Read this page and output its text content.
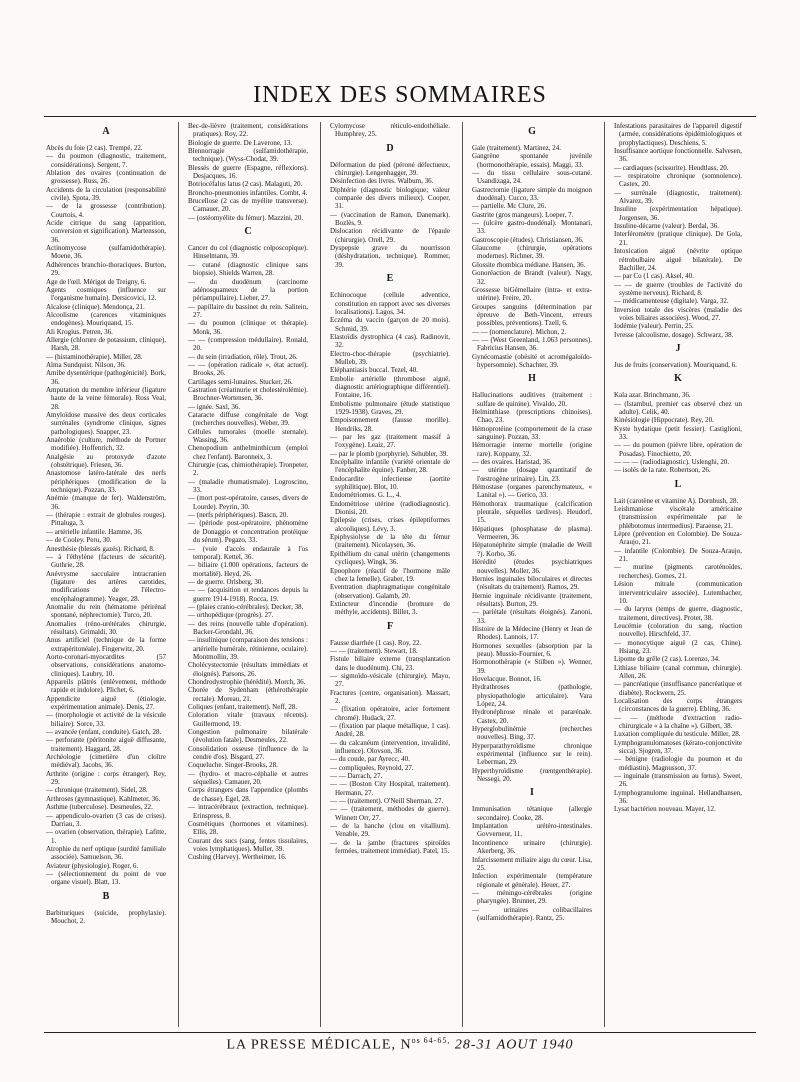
INDEX DES SOMMAIRES
A

Abcès du foie (2 cas). Trempé, 22.

— du poumon (diagnostic, traitement, considérations). Sergent, 7.

Ablation des ovaires (continuation de grossesse). Russ, 26.

Accidents de la circulation (responsabilité civile). Spota, 39.

— de la grossesse (contribution). Courtois, 4.

Acide citrique du sang (apparition, conversion et signification). Martensson, 36.

Actinomycose (sulfamidothérapie). Moene, 36.

Adhérences branchio-thoraciques. Burton, 29.

Age de l'œil. Mérigot de Treigny, 6.

Agents cosmiques (influence sur l'organisme humain). Dersicovici, 12.

Alcalose (clinique). Mendonça, 21.

Alcoolisme (carences vitaminiques endogènes). Mouriquand, 15.

Ali Krogius. Petren, 36.

Allergie (chlorure de potassium, clinique), Harsh, 28.

— (histaminothérapie). Miller, 28.

Alma Sundquist. Nilson, 36.

Amibe dysentérique (pathogénicité). Bork, 36.

Amputation du membre inférieur (ligature haute de la veine fémorale). Ross Veal, 28.

Amyloïdose massive des deux corticales surrénales (syndrome clinique, signes pathologiques). Snapper, 23.

Anaérobie (culture, méthode de Portner modifiée). Hoffenrich, 32.

Analgésie au protoxyde d'azote (obstétrique). Friesen, 36.

Anastomose latéro-latérale des nerfs périphériques (modification de la technique). Pozzan, 33.

Anémie (manque de fer). Waldenström, 36.

— (thérapie : extrait de globules rouges). Pittaluga, 3.

— artérielle infantile. Hamme, 36.

— de Cooley. Peru, 30.

Anesthésie (blessés gazés). Richard, 8.

— à l'éthylène (facteurs de sécurité). Guthrie, 28.

Anévrysme sacculaire intracranien (ligature des artères carotides, modifications de l'électro-encéphalogramme). Yeager, 28.

Anomalie du rein (hématome périrénal spontané, néphrectomie). Turco, 20.

Anomalies (réno-urétérales chirurgie, résultats). Grimaldi, 30.

Anus artificiel (technique de la forme extrapéritonéale). Fingerwitz, 20.

Aorto-coronari-myocardites (57 observations, considérations anatomo-cliniques). Laubry, 10.

Appareils plâtrés (enlèvement, méthode rapide et indolore). Plichet, 6.

Appendicite aiguë (étiologie, expérimentation animale). Denis, 27.

— (morphologie et activité de la vésicule biliaire). Sorce, 33.

— avancée (enfant, conduite). Gatch, 28.

— perforante (péritonite aiguë diffusante, traitement). Haggard, 28.

Archéologie (cimetière d'un cloître médiéval). Jacobs, 36.

Arthrite (origine : corps étranger). Rey, 29.

— chronique (traitement). Sidel, 28.

Arthroses (gymnastique). Kahlmeter, 36.

Asthme (tuberculose). Desmeules, 22.

— appendiculo-ovarien (3 cas de crises). Darriau, 3.

— ovarien (observation, thérapie). Lafitte, 1.

Atrophie du nerf optique (surdité familiale associée). Samuelson, 36.

Aviateur (physiologie). Roger, 6.

— (sélectionnement du point de vue organe visuel). Blatt, 13.

B

Barbituriques (suicide, prophylaxie). Mouchot, 2.

Bec-de-lièvre (traitement, considérations pratiques). Roy, 22.

Biologie de guerre. De Laverone, 13.

Blennorragie (sulfamidothérapie, technique). (Wyss-Chodat, 39.

Blessés de guerre (Espagne, réflexions). Desjacques, 16.

Botriocéfalus latus (2 cas). Malaguti, 20.

Broncho-pneumonies infantiles. Combt, 4.

Brucellose (2 cas de myélite transverse). Camauer, 20.

— (ostéomyélite du fémur). Mazzini, 20.

C

Cancer du col (diagnostic colposcopique). Hinselmann, 39.

— cutané (diagnostic clinique sans biopsie). Shields Warren, 28.

— du duodénum (carcinome adénosquameux de la portion périampullaire). Lieber, 27.

— papillaire du bassinet du rein. Salitein, 27.

— du poumon (clinique et thérapie). Monk, 36.

— — (compression médullaire). Ronald, 20.

— du sein (irradiation, rôle). Trout, 26.

— — (opération radicale », état actuel). Brooks, 26.

Cartilages semi-lunaires. Stucker, 26.

Castration (créatinurie et cholestérolémie). Brochner-Wortensen, 36.

— ignée. Saxl, 36.

Cataracte diffuse congénitale de Vogt (recherches nouvelles). Weber, 39.

Cellules tumorales (moelle sternale). Wassing, 36.

Chenopodium anthelminthicum (emploi chez l'enfant). Baronneix, 3.

Chirurgie (cas, chimiothérapie). Tronpeter, 2.

— (maladie rhumatismale). Logroscino, 33.

— (mort post-opératoire, causes, divers de Lourde). Peyrin, 30.

— (nerfs périphériques). Bascn, 20.

— (période post-opératoire, phénomène de Donaggio et concentration protéique du sérum). Pegazo, 33.

— (voie d'accès endaurale à l'os temporal). Kettel, 36.

— biliaire (1.000 opérations, facteurs de mortalité). Heyd, 26.

— de guerre. Orlsberg, 30.

— — (acquisition et tendances depuis la guerre 1914-1918). Rocca, 19.

— (plaies cranio-cérébrales). Decker, 38.

— orthopédique (progrès). 27.

— des reins (nouvelle table d'opération). Backer-Grondahl, 36.

— insulinique (comparaison des tensions : artérielle humérale, rétinienne, oculaire). Montmollin, 39.

Cholécystectomie (résultats immédiats et éloignés). Parsons, 26.

Chondrodystrophie (hérédité). Morch, 36.

Chorée de Sydenham (éthérothérapie rectale). Moreau, 21.

Coliques (enfant, traitement). Neff, 28.

Coloration vitale (travaux récents). Guillermond, 19.

Congestion pulmonaire bilatérale (évolution fatale). Desmeules, 22.

Consolidation osseuse (influence de la cendre d'os). Bisgard, 27.

Coqueluche. Singer-Brooks, 28.

— (hydro- et macro-céphalie et autres séquelles). Camauer, 20.

Corps étrangers dans l'appendice (plombs de chasse). Egel, 28.

— intracérébraux (extraction, technique). Erinspress, 8.

Cosmétiques (hormones et vitamines). Ellis, 28.

Courant des sucs (sang, fentes tissulaires, voies lymphatiques). Muller, 39.

Cushing (Harvey). Wertheimer, 16.

Cylomycose réticulo-endothéliale. Humphrey, 25.

D

Déformation du pied (péroné défectueux, chirurgie). Lengenhagger, 39.

Désinfection des livres. Walbum, 36.

Diphtérie (diagnostic biologique; valeur comparée des divers milieux). Cooper, 31.

— (vaccination de Ramon, Danemark). Bozlès, 9.

Dislocation récidivante de l'épaule (chirurgie). Orell, 29.

Dyspepsie grave du nourrisson (déshydratation, technique). Rommer, 39.

E

Echinocoque (cellule adventice, constitution en rapport avec ses diverses localisations). Lagos, 34.

Eczéma du vaccin (garçon de 20 mois). Schmid, 39.

Elastoïdis dystrophica (4 cas). Radinovit, 32.

Electro-choc-thérapie (psychiatrie). Mulleb, 39.

Eléphantiasis buccal. Tezel, 40.

Embolie artérielle (thrombose aiguë, diagnostic artériographique différentiel). Fontaine, 16.

Embolisme pulmonaire (étude statistique 1929-1938). Graves, 29.

Empoisonnement (fausse morille). Hendriks, 28.

— par les gaz (traitement massif à l'oxygène). Leaiz, 27.

— par le plomb (porphyrie). Sehubler, 39.

Encéphalite infantile (variété orientale de l'encéphalite équine). Fanber, 28.

Endocardite infectieuse (aortite syphilitique). Blot, 10.

Endométriomes. G. L., 4.

Endométriose utérine (radiodiagnostic). Dionisi, 20.

Epilepsie (crises, crises épileptiformes alcooliques). Lévy, 3.

Epiphysiolyse de la tête du fémur (traitement). Nicolaysen, 36.

Epithélium du canal utérin (changements cycliques). Wingk, 36.

Epoophore (réactif de l'hormone mâle chez la femelle). Graber, 19.

Eventration diaphragmatique congénitale (observation). Galamb, 20.

Extincteur d'incendie (bromure de méthyle, accidents). Billet, 3.

F

Fausse diarrhée (1 cas). Roy, 22.

— — (traitement). Stewart, 18.

Fistule biliaire externe (transplantation dans le duodénum). Chi, 23.

— sigmoïdo-vésicale (chirurgie). Mayo, 27.

Fractures (centre, organisation). Massart, 2.

— (fixation opératoire, acier fortement chromé). Hudack, 27.

— (fixation par plaque métallique, 1 cas). André, 28.

— du calcanéum (intervention, invalidité, influence). Olovson, 36.

— du coude, par Ayrecc, 40.

— compliquées, Reynold, 27.

— — Darrach, 27.

— — (Boston City Hospital, traitement). Hermann, 27.

— — (traitement). O'Neill Sherman, 27.

— — (traitement, méthodes de guerre). Winnett Orr, 27.

— de la hanche (clou en vitallium). Venable, 29.

— de la jambe (fractures spiroïdes fermées, traitement immédiat). Patel, 15.

G

Gale (traitement). Martinez, 24.

Gangrène spontanée juvénile (hormonothérapie, essais). Maggi, 33.

— du tissu cellulaire sous-cutané. Usandizaga, 24.

Gastrectomie (ligature simple du moignon duodénal). Cucco, 33.

— partielle. Mc Clure, 26.

Gastrite (gros mangeurs). Loeper, 7.

— (ulcère gastro-duodénal). Montanari, 33.

Gastroscopie (études). Christiansen, 36.

Glaucome (chirurgie, opérations modernes). Richner, 39.

Glossite rhombica médiane. Hansen, 36.

Gonoréaction de Brandt (valeur). Nagy, 32.

Grossesse biGémellaire (intra- et extra-utérine). Freire, 20.

Groupes sanguins (détermination par épreuve de Beth-Vincent, erreurs possibles, préventions). Tzell, 6.

— — (nomenclature). Michon, 2.

— — (West Greenland, 1.063 personnes). Fabricius Hansen, 36.

Gynécomastie (obésité et acromégaloïdo-hypersomnie). Schachter, 39.

H

Hallucinations auditives (traitement : sulfate de quinine). Vivaldo, 20.

Helminthiase (prescriptions chinoises). Chao, 23.

Hémoprotéine (comportement de la crase sanguine). Pozzan, 33.

Hémorragie interne mortelle (origine rare). Koppany, 32.

— des ovaires. Haristad, 36.

— utérine (dosage quantitatif de l'œstrogène urinaire). Lin, 23.

Hémostase (organes parenchymateux, « Lanital »). — Gerico, 33.

Hémothorax traumatique (calcification pleurale, séquelles tardives). Heudorf, 15.

Hépatiques (phosphatase de plasma). Vermeeren, 36.

Hépatonéphrite simple (maladie de Weill ?). Korbo, 36.

Hérédité (études psychiatriques nouvelles). Moller, 36.

Hernies inguinales biloculaires et directes (résultats du traitement). Ramos, 29.

Hernie inguinale récidivante (traitement, résultats). Burton, 29.

— pariétale (résultats éloignés). Zanoni, 33.

Histoire de la Médecine (Henry et Jean de Rhodes). Lannois, 17.

Hormones sexuelles (absorption par la peau). Mussio-Fournier, 6.

Hormonothérapie (« Stilben »). Wenner, 39.

Hovelacque. Bonnot, 16.

Hydrathroses (pathologie, physiopathologie articulaire). Vara López, 24.

Hydronéphrose rénale et pararénale. Castex, 20.

Hyperglobulinémie (recherches nouvelles). Bing, 37.

Hyperparathyroïdisme chronique expérimental (influence sur le rein). Leberman, 29.

Hyperthyroïdisme (rœntgenthérapie). Nessegi, 20.

I

Immunisation tétanique (allergie secondaire). Cooke, 28.

Implantation urétéro-intestinales. Govverneur, 11.

Incontinence urinaire (chirurgie). Akerberg, 36.

Infarcissement miliaire aigu du cœur. Lisa, 25.

Infection expérimentale (température régionale et générale). Heuer, 27.

— méningo-cérébrales (origine pharyngée). Brunner, 29.

— urinaires colibacillaires (sulfamidothérapie). Rantz, 25.

Infestations parasitaires de l'appareil digestif (armée, considérations épidémiologiques et prophylactiques). Deschiens, 5.

Insuffisance aortique fonctionnelle. Salvesen, 36.

— cardiaques (scissurite). Heudtlass, 20.

— respiratoire chronique (somnolence). Castex, 20.

— surrénale (diagnostic, traitement). Alvarez, 39.

Insuline (expérimentation hépatique). Jorgensen, 36.

Insuline-décarne (valeur). Berdal, 36.

Interféromètre (pratique clinique). De Gola, 21.

Intoxication aiguë (névrite optique rétrobulbaire aiguë bilatérale). De Bachiller, 24.

— par Co (1 cas). Aksel, 40.

— — de guerre (troubles de l'activité du système nerveux). Richard, 8.

— médicamenteuse (digitale). Varga, 32.

Inversion totale des viscères (maladie des voies biliaires associées). Wood, 27.

Iodémie (valeur). Perrin, 25.

Ivresse (alcoolisme, dosage). Schwarz, 38.

J

Jus de fruits (conservation). Mouriquand, 6.

K

Kala azar. Brinchmann, 36.

— (Istambul, premier cas observé chez un adulte). Celik, 40.

Kinésiologie (Hippocrate). Rey, 20.

Kyste hydatique (petit fessier). Castiglioni, 33.

— — du poumon (pièvre libre, opération de Posadas). Finochietto, 20.

— — — (radiodiagnostic). Uslenghi, 20.

— isolés de la rate. Robertson, 26.

L

Lait (carotène et vitamine A). Dornbush, 28.

Leishmaniose viscérale américaine (transmission expérimentale par le phlébotomus intermedius). Paraense, 21.

Lèpre (prévention en Colombie). De Souza-Araujo, 21.

— infantile (Colombie). De Souza-Araujo, 21.

— murine (pigments caroténoïdes, recherches). Gomes, 21.

Lésion mitrale (communication interventriculaire associée). Lutembacher, 10.

— du larynx (temps de guerre, diagnostic, traitement, directives). Protet, 38.

Leucémie (coloration du sang, réaction nouvelle). Hirschfeld, 37.

— monocytique aiguë (2 cas, Chine). Hsiang, 23.

Lipome du grêle (2 cas). Lorenzo, 34.

Lithiase biliaire (canal commun, chirurgie). Allen, 26.

— pancréatique (insuffisance pancréatique et diabète). Rockwern, 25.

Localisation des corps étrangers (circonstances de la guerre). Ebling, 36.

— — (méthode d'extraction radio-chirurgicale « à la chaîne »). Gilbert, 38.

Luxation compliquée du testicule. Miller, 28.

Lymphogranulomatoses (kérato-conjonctivite sicca). Sjogren, 37.

— bénigne (radiologie du poumon et du médiastin). Magnusson, 37.

— inguinale (transmission au fœtus). Sweet, 26.

Lymphogranulome inguinal. Hellandhansen, 36.

Lysat bactérien nouveau. Mayer, 12.

LA PRESSE MÉDICALE, $N^{os 64-65,}$ 28-31 AOUT 1940
